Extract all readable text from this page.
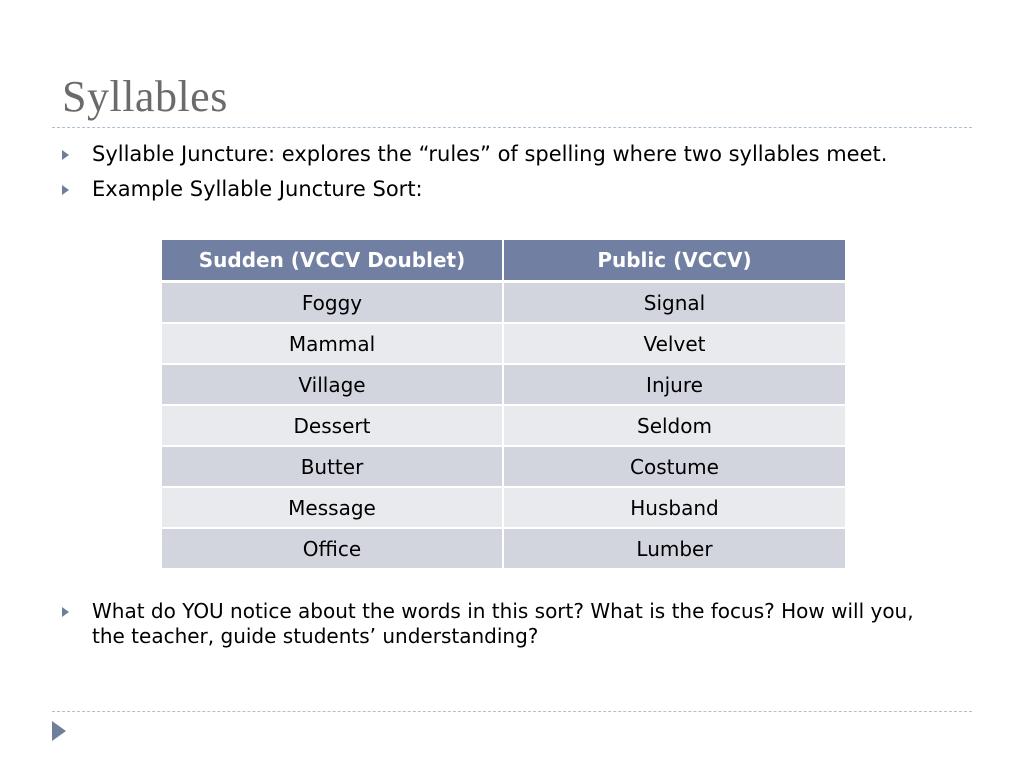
Syllables
Syllable Juncture: explores the “rules” of spelling where two syllables meet.
Example Syllable Juncture Sort:
Sudden (VCCV Doublet)	Public (VCCV)
Foggy	Signal
Mammal	Velvet
Village	Injure
Dessert	Seldom
Butter	Costume
Message	Husband
Office	Lumber
What do YOU notice about the words in this sort? What is the focus? How will you, the teacher, guide students’ understanding?
